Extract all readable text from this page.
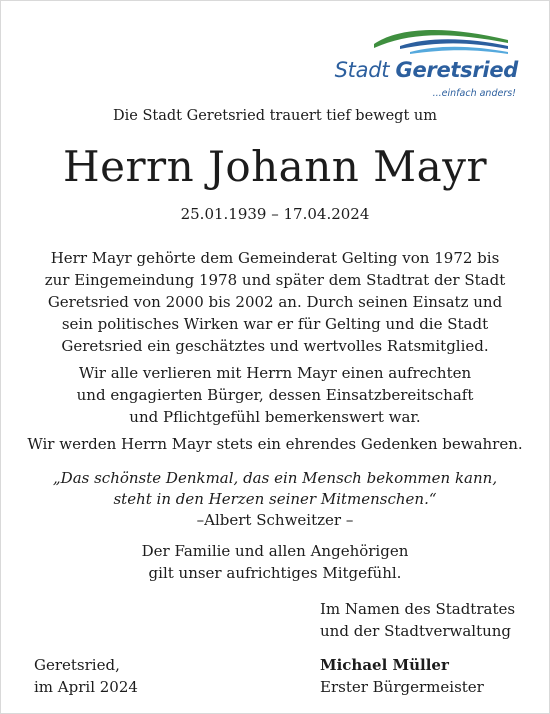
Stadt Geretsried
...einfach anders!
Die Stadt Geretsried trauert tief bewegt um
Herrn Johann Mayr
25.01.1939 – 17.04.2024
Herr Mayr gehörte dem Gemeinderat Gelting von 1972 bis
zur Eingemeindung 1978 und später dem Stadtrat der Stadt
Geretsried von 2000 bis 2002 an. Durch seinen Einsatz und
sein politisches Wirken war er für Gelting und die Stadt
Geretsried ein geschätztes und wertvolles Ratsmitglied.
Wir alle verlieren mit Herrn Mayr einen aufrechten
und engagierten Bürger, dessen Einsatzbereitschaft
und Pflichtgefühl bemerkenswert war.
Wir werden Herrn Mayr stets ein ehrendes Gedenken bewahren.
„Das schönste Denkmal, das ein Mensch bekommen kann,
steht in den Herzen seiner Mitmenschen.“
–Albert Schweitzer –
Der Familie und allen Angehörigen
gilt unser aufrichtiges Mitgefühl.
Im Namen des Stadtrates
und der Stadtverwaltung
Geretsried,
im April 2024
Michael Müller
Erster Bürgermeister
